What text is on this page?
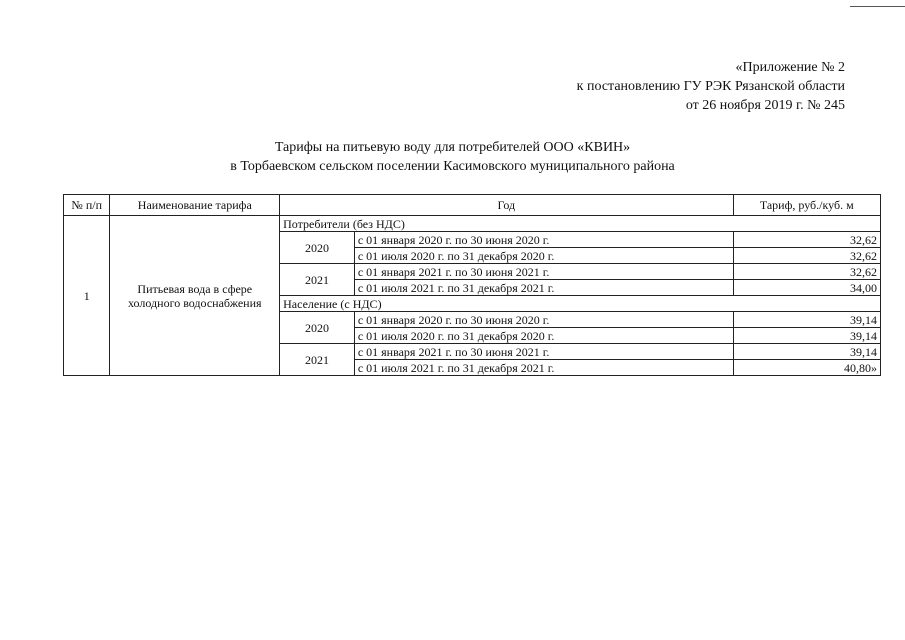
«Приложение № 2
к постановлению ГУ РЭК Рязанской области
от 26 ноября 2019 г. № 245
Тарифы на питьевую воду для потребителей ООО «КВИН»
в Торбаевском сельском поселении Касимовского муниципального района
№ п/п	Наименование тарифа	Год		Тариф, руб./куб. м
1	Питьевая вода в сфере холодного водоснабжения	Потребители (без НДС)		
		2020	с 01 января 2020 г. по 30 июня 2020 г.	32,62
			с 01 июля 2020 г. по 31 декабря 2020 г.	32,62
		2021	с 01 января 2021 г. по 30 июня 2021 г.	32,62
			с 01 июля 2021 г. по 31 декабря 2021 г.	34,00
		Население (с НДС)		
		2020	с 01 января 2020 г. по 30 июня 2020 г.	39,14
			с 01 июля 2020 г. по 31 декабря 2020 г.	39,14
		2021	с 01 января 2021 г. по 30 июня 2021 г.	39,14
			с 01 июля 2021 г. по 31 декабря 2021 г.	40,80»
